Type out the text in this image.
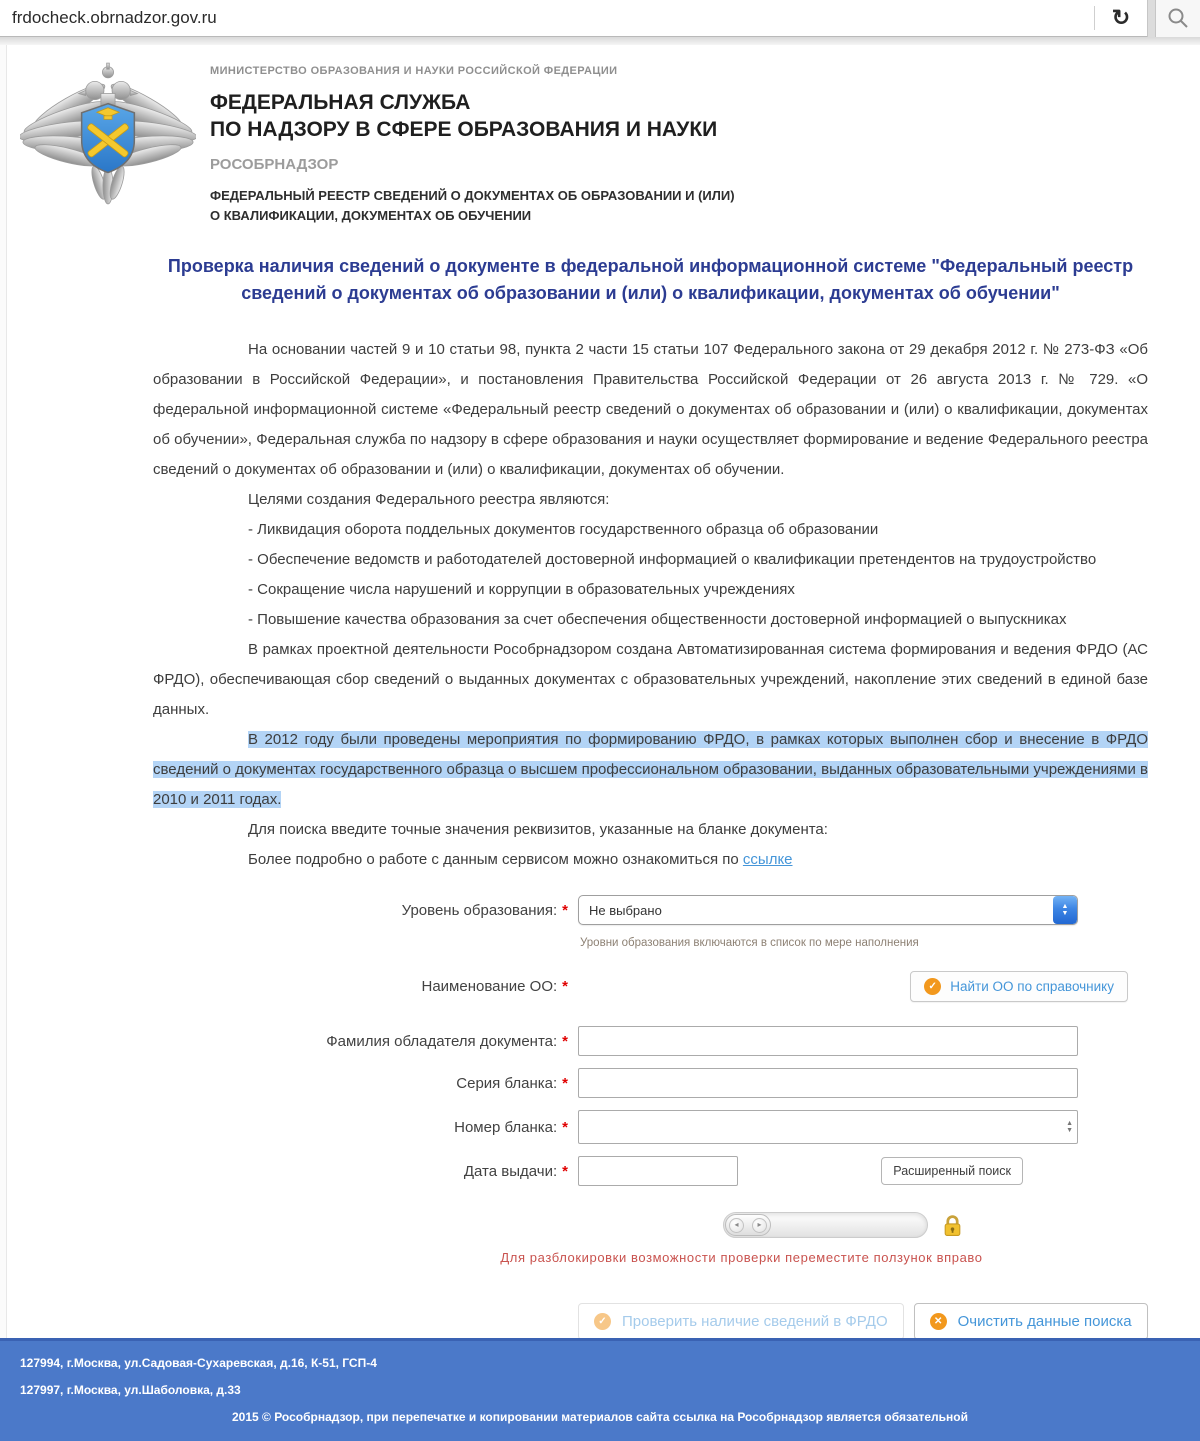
frdocheck.obrnadzor.gov.ru	↻
МИНИСТЕРСТВО ОБРАЗОВАНИЯ И НАУКИ РОССИЙСКОЙ ФЕДЕРАЦИИ
ФЕДЕРАЛЬНАЯ СЛУЖБА
ПО НАДЗОРУ В СФЕРЕ ОБРАЗОВАНИЯ И НАУКИ
РОСОБРНАДЗОР
ФЕДЕРАЛЬНЫЙ РЕЕСТР СВЕДЕНИЙ О ДОКУМЕНТАХ ОБ ОБРАЗОВАНИИ И (ИЛИ)
О КВАЛИФИКАЦИИ, ДОКУМЕНТАХ ОБ ОБУЧЕНИИ
Проверка наличия сведений о документе в федеральной информационной системе "Федеральный реестр сведений о документах об образовании и (или) о квалификации, документах об обучении"

На основании частей 9 и 10 статьи 98, пункта 2 части 15 статьи 107 Федерального закона от 29 декабря 2012 г. № 273-ФЗ «Об образовании в Российской Федерации», и постановления Правительства Российской Федерации от 26 августа 2013 г. № 729. «О федеральной информационной системе «Федеральный реестр сведений о документах об образовании и (или) о квалификации, документах об обучении», Федеральная служба по надзору в сфере образования и науки осуществляет формирование и ведение Федерального реестра сведений о документах об образовании и (или) о квалификации, документах об обучении.

Целями создания Федерального реестра являются:

- Ликвидация оборота поддельных документов государственного образца об образовании

- Обеспечение ведомств и работодателей достоверной информацией о квалификации претендентов на трудоустройство

- Сокращение числа нарушений и коррупции в образовательных учреждениях

- Повышение качества образования за счет обеспечения общественности достоверной информацией о выпускниках

В рамках проектной деятельности Рособрнадзором создана Автоматизированная система формирования и ведения ФРДО (АС ФРДО), обеспечивающая сбор сведений о выданных документах с образовательных учреждений, накопление этих сведений в единой базе данных.

В 2012 году были проведены мероприятия по формированию ФРДО, в рамках которых выполнен сбор и внесение в ФРДО сведений о документах государственного образца о высшем профессиональном образовании, выданных образовательными учреждениями в 2010 и 2011 годах.

Для поиска введите точные значения реквизитов, указанные на бланке документа:

Более подробно о работе с данным сервисом можно ознакомиться по ссылке

Уровень образования: *	Не выбрано	▲
▼
Уровни образования включаются в список по мере наполнения
Наименование ОО: *	✓ Найти ОО по справочнику
Фамилия обладателя документа: *
Серия бланка: *
Номер бланка: *	▲
▼
Дата выдачи: *	Расширенный поиск
◂ ▸
Для разблокировки возможности проверки переместите ползунок вправо
✓ Проверить наличие сведений в ФРДО	✕ Очистить данные поиска

127994, г.Москва, ул.Садовая-Сухаревская, д.16, К-51, ГСП-4

127997, г.Москва, ул.Шаболовка, д.33

2015 © Рособрнадзор, при перепечатке и копировании материалов сайта ссылка на Рособрнадзор является обязательной
